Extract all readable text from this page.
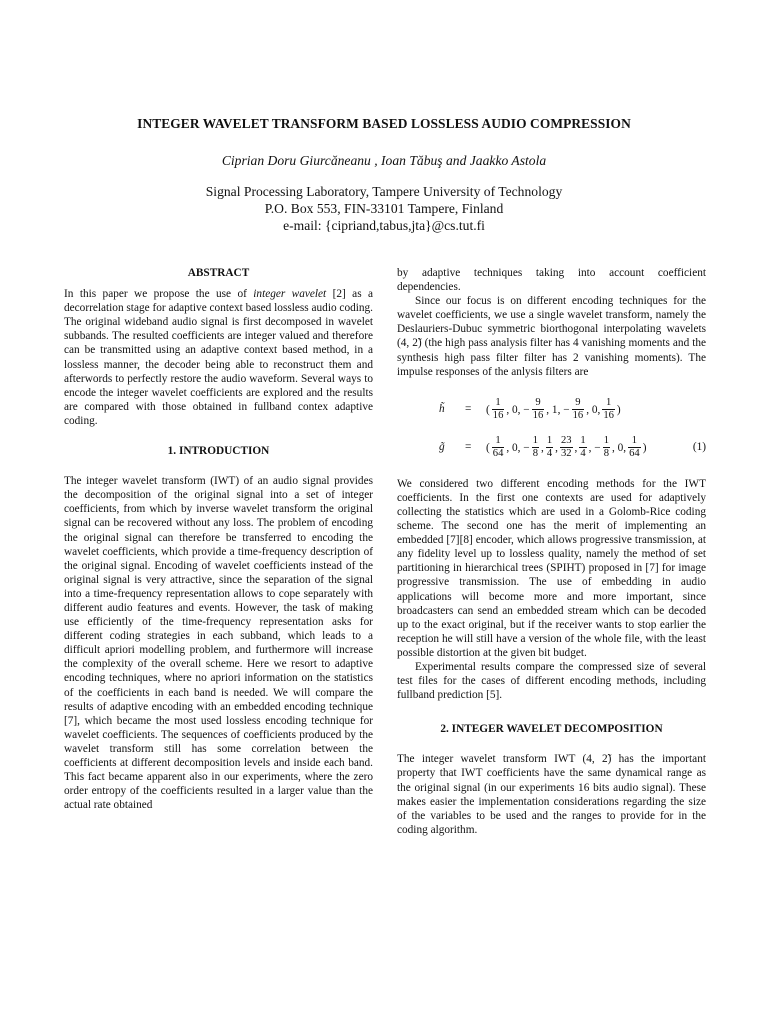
INTEGER WAVELET TRANSFORM BASED LOSSLESS AUDIO COMPRESSION
Ciprian Doru Giurcăneanu , Ioan Tăbuş and Jaakko Astola
Signal Processing Laboratory, Tampere University of Technology
P.O. Box 553, FIN-33101 Tampere, Finland
e-mail: {cipriand,tabus,jta}@cs.tut.fi
ABSTRACT

In this paper we propose the use of integer wavelet [2] as a decorrelation stage for adaptive context based lossless audio coding. The original wideband audio signal is first decomposed in wavelet subbands. The resulted coefficients are integer valued and therefore can be transmitted using an adaptive context based method, in a lossless manner, the decoder being able to reconstruct them and afterwords to perfectly restore the audio waveform. Several ways to encode the integer wavelet coefficients are explored and the results are compared with those obtained in fullband contex adaptive coding.

1. INTRODUCTION

The integer wavelet transform (IWT) of an audio signal provides the decomposition of the original signal into a set of integer coefficients, from which by inverse wavelet transform the original signal can be recovered without any loss. The problem of encoding the original signal can therefore be transferred to encoding the wavelet coefficients, which provide a time-frequency description of the original signal. Encoding of wavelet coefficients instead of the original signal is very attractive, since the separation of the signal into a time-frequency representation allows to cope separately with different audio features and events. However, the task of making use efficiently of the time-frequency representation asks for different coding strategies in each subband, which leads to a difficult apriori modelling problem, and furthermore will increase the complexity of the overall scheme. Here we resort to adaptive encoding techniques, where no apriori information on the statistics of the coefficients in each band is needed. We will compare the results of adaptive encoding with an embedded encoding technique [7], which became the most used lossless encoding technique for wavelet coefficients. The sequences of coefficients produced by the wavelet transform still has some correlation between the coefficients at different decomposition levels and inside each band. This fact became apparent also in our experiments, where the zero order entropy of the coefficients resulted in a larger value than the actual rate obtained

by adaptive techniques taking into account coefficient dependencies.

Since our focus is on different encoding techniques for the wavelet coefficients, we use a single wavelet transform, namely the Deslauriers-Dubuc symmetric biorthogonal interpolating wavelets (4, 2̃) (the high pass analysis filter has 4 vanishing moments and the synthesis high pass filter filter has 2 vanishing moments). The impulse responses of the anlysis filters are

h̃ = ( $\frac{1}{16}$ , 0, − $\frac{9}{16}$ , 1, − $\frac{9}{16}$ , 0, $\frac{1}{16}$ )
g̃ = ( $\frac{1}{64}$ , 0, − $\frac{1}{8}$ , $\frac{1}{4}$ , $\frac{23}{32}$ , $\frac{1}{4}$ , − $\frac{1}{8}$ , 0, $\frac{1}{64}$ )	(1)

We considered two different encoding methods for the IWT coefficients. In the first one contexts are used for adaptively collecting the statistics which are used in a Golomb-Rice coding scheme. The second one has the merit of implementing an embedded [7][8] encoder, which allows progressive transmission, at any fidelity level up to lossless quality, namely the method of set partitioning in hierarchical trees (SPIHT) proposed in [7] for image progressive transmission. The use of embedding in audio applications will become more and more important, since broadcasters can send an embedded stream which can be decoded up to the exact original, but if the receiver wants to stop earlier the reception he will still have a version of the whole file, with the least possible distortion at the given bit budget.

Experimental results compare the compressed size of several test files for the cases of different encoding methods, including fullband prediction [5].

2. INTEGER WAVELET DECOMPOSITION

The integer wavelet transform IWT (4, 2̃) has the important property that IWT coefficients have the same dynamical range as the original signal (in our experiments 16 bits audio signal). These makes easier the implementation considerations regarding the size of the variables to be used and the ranges to provide for in the coding algorithm.
